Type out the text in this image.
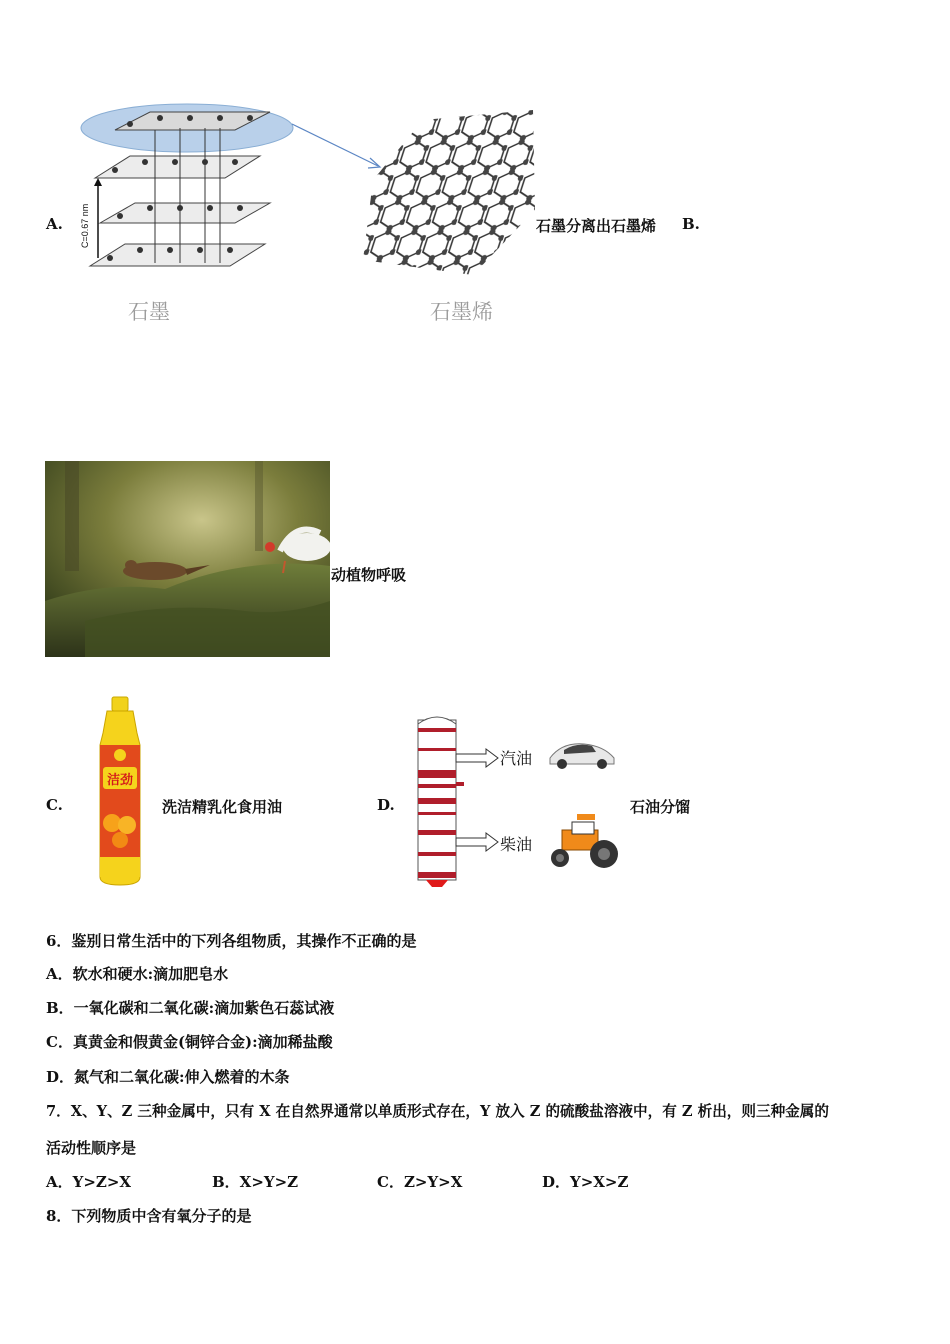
A. C=0.67 nm
石墨	石墨烯
石墨分离出石墨烯 B.
动植物呼吸
C.
洁劲
洗洁精乳化食用油	D.
汽油
柴油
石油分馏
6．鉴别日常生活中的下列各组物质，其操作不正确的是
A．软水和硬水:滴加肥皂水
B．一氧化碳和二氧化碳:滴加紫色石蕊试液
C．真黄金和假黄金(铜锌合金):滴加稀盐酸
D．氮气和二氧化碳:伸入燃着的木条
7．X、Y、Z 三种金属中，只有 X 在自然界通常以单质形式存在，Y 放入 Z 的硫酸盐溶液中，有 Z 析出，则三种金属的
活动性顺序是
A．Y>Z>X	B．X>Y>Z	C．Z>Y>X	D．Y>X>Z
8．下列物质中含有氧分子的是
